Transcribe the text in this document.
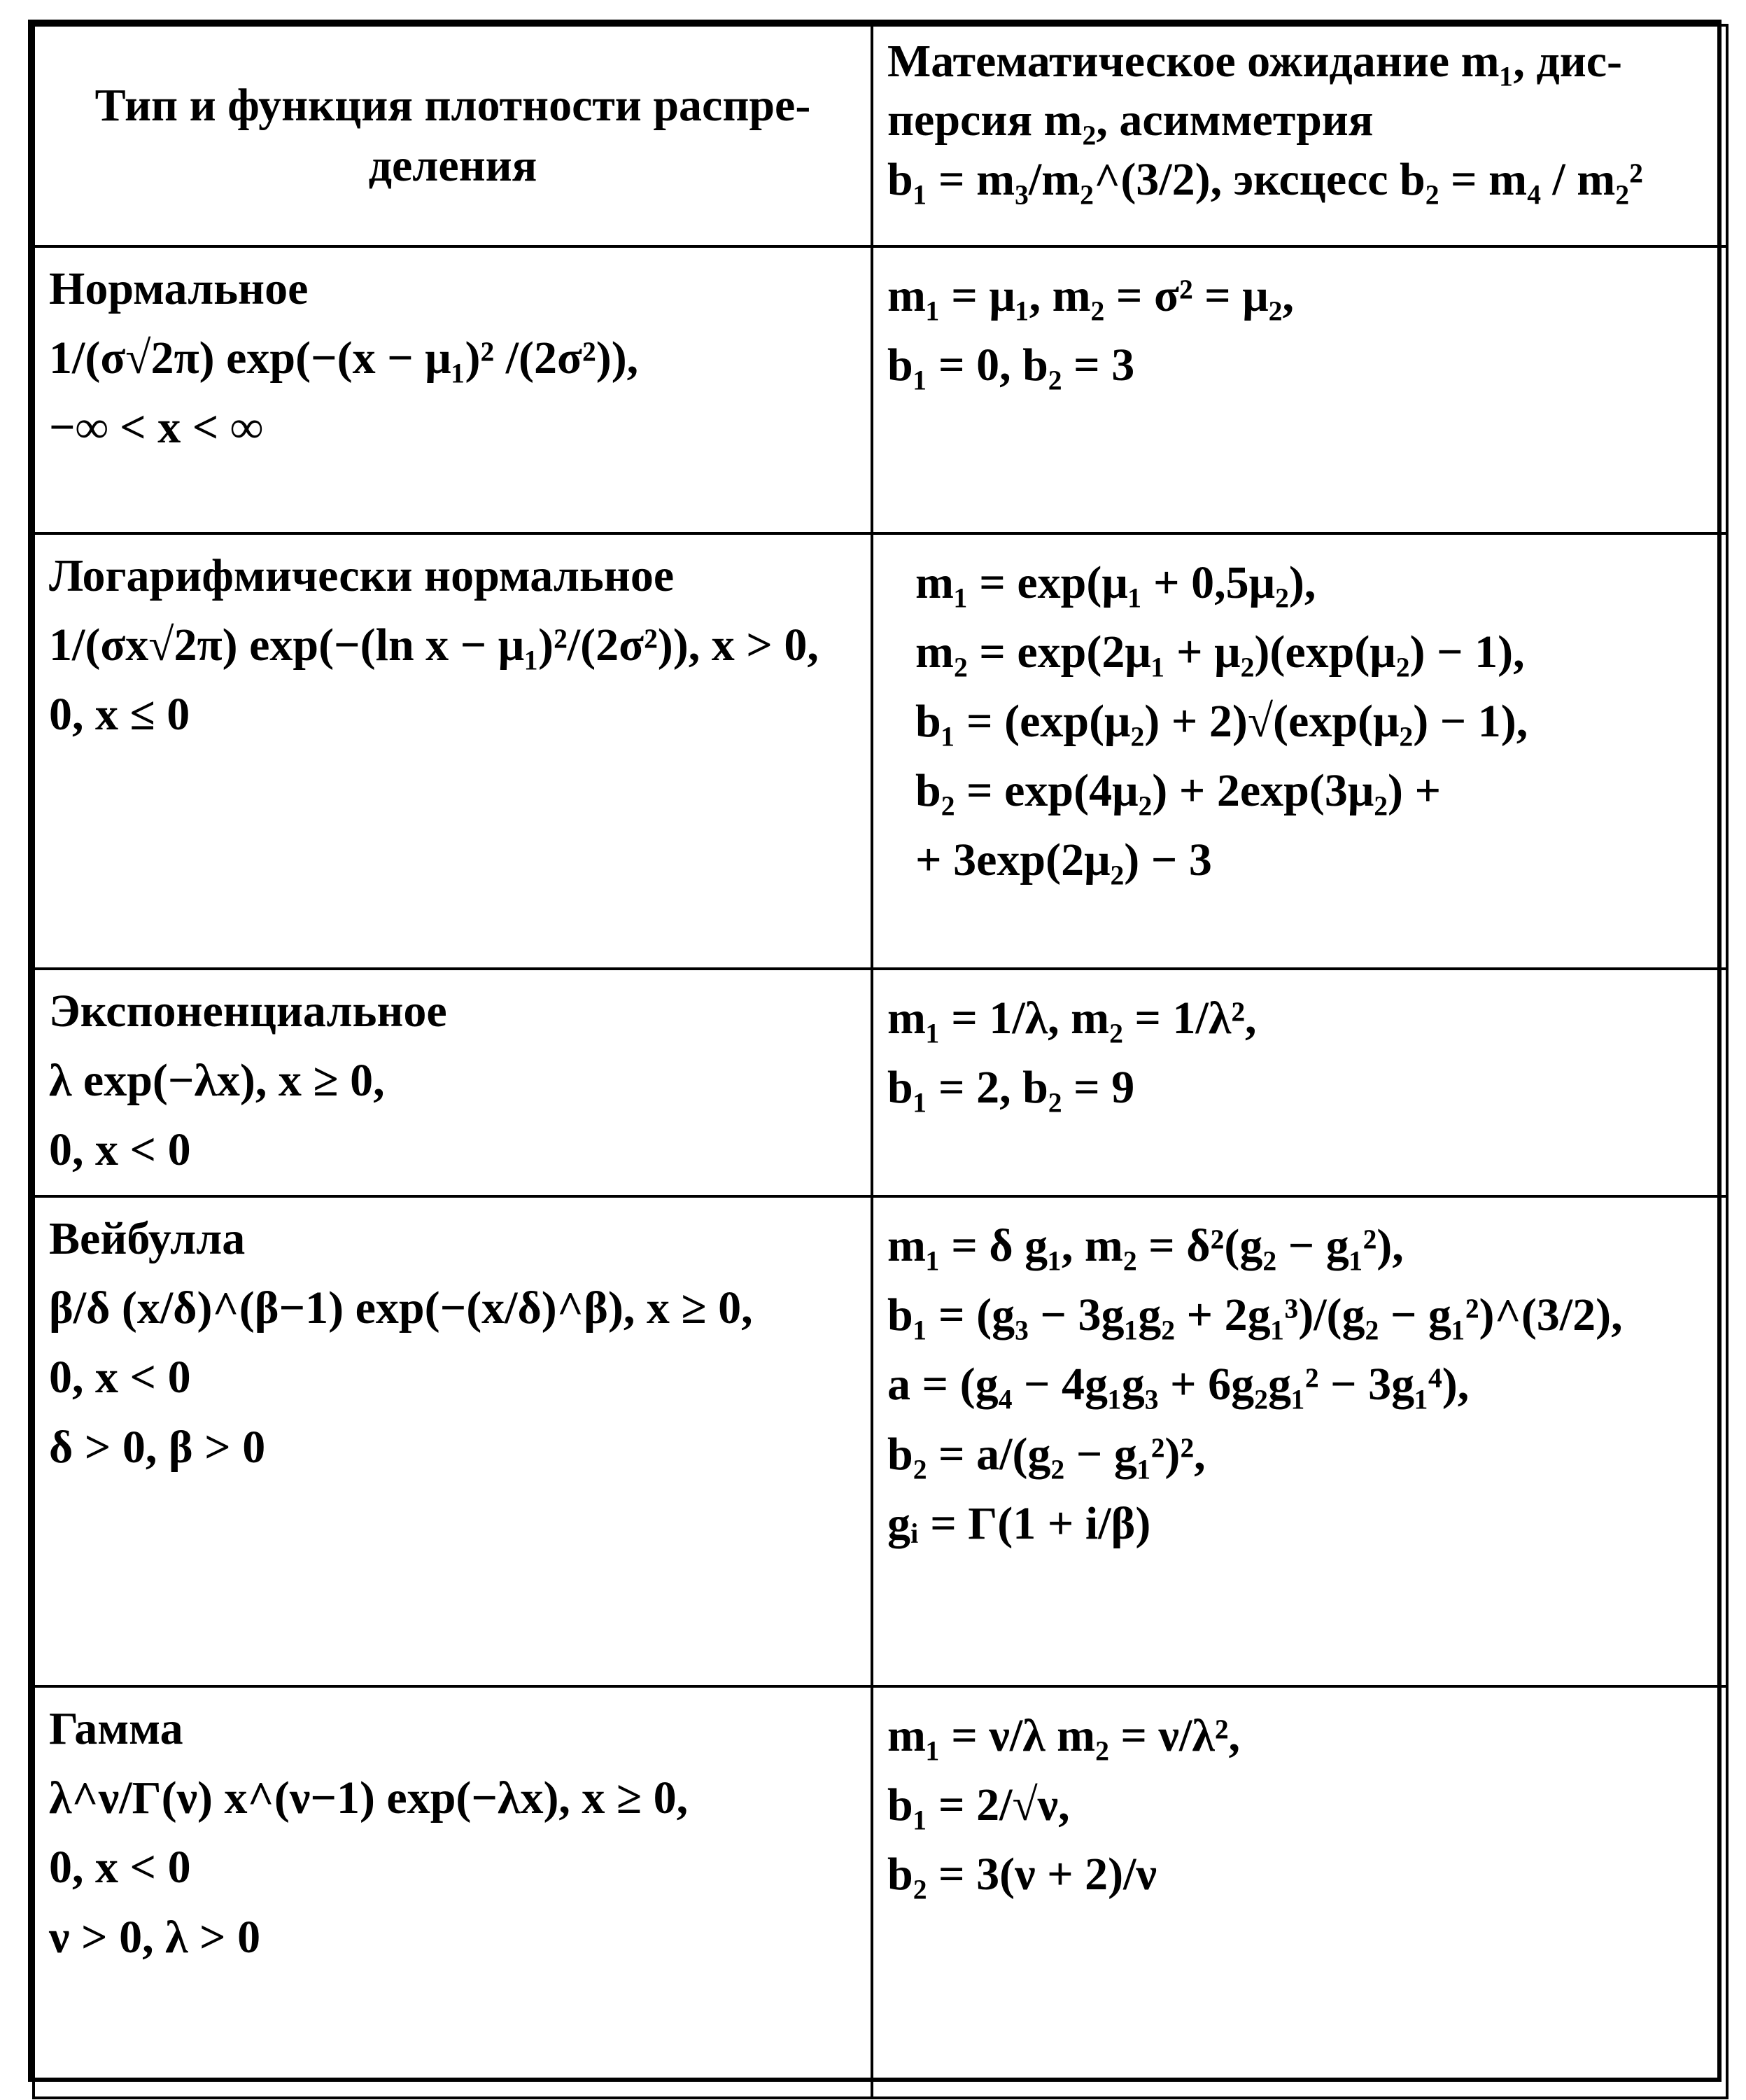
Тип и функция плотности распре-деления	Математическое ожидание m₁, дис-
персия m₂, асимметрия
b₁ = m₃/m₂^(3/2), эксцесс b₂ = m₄ / m₂²

Нормальное
1/(σ√2π) exp(−(x − μ₁)² /(2σ²)),
−∞ < x < ∞	m₁ = μ₁, m₂ = σ² = μ₂,
b₁ = 0, b₂ = 3

Логарифмически нормальное
1/(σx√2π) exp(−(ln x − μ₁)²/(2σ²)), x > 0,
0, x ≤ 0	m₁ = exp(μ₁ + 0,5μ₂),
m₂ = exp(2μ₁ + μ₂)(exp(μ₂) − 1),
b₁ = (exp(μ₂) + 2)√(exp(μ₂) − 1),
b₂ = exp(4μ₂) + 2exp(3μ₂) +
+ 3exp(2μ₂) − 3

Экспоненциальное
λ exp(−λx), x ≥ 0,
0, x < 0	m₁ = 1/λ, m₂ = 1/λ²,
b₁ = 2, b₂ = 9

Вейбулла
β/δ (x/δ)^(β−1) exp(−(x/δ)^β), x ≥ 0,
0, x < 0
δ > 0, β > 0	m₁ = δ g₁, m₂ = δ²(g₂ − g₁²),
b₁ = (g₃ − 3g₁g₂ + 2g₁³)/(g₂ − g₁²)^(3/2),
a = (g₄ − 4g₁g₃ + 6g₂g₁² − 3g₁⁴),
b₂ = a/(g₂ − g₁²)²,
gᵢ = Γ(1 + i/β)

Гамма
λ^ν/Γ(ν) x^(ν−1) exp(−λx), x ≥ 0,
0, x < 0
ν > 0, λ > 0	m₁ = ν/λ m₂ = ν/λ²,
b₁ = 2/√ν,
b₂ = 3(ν + 2)/ν
